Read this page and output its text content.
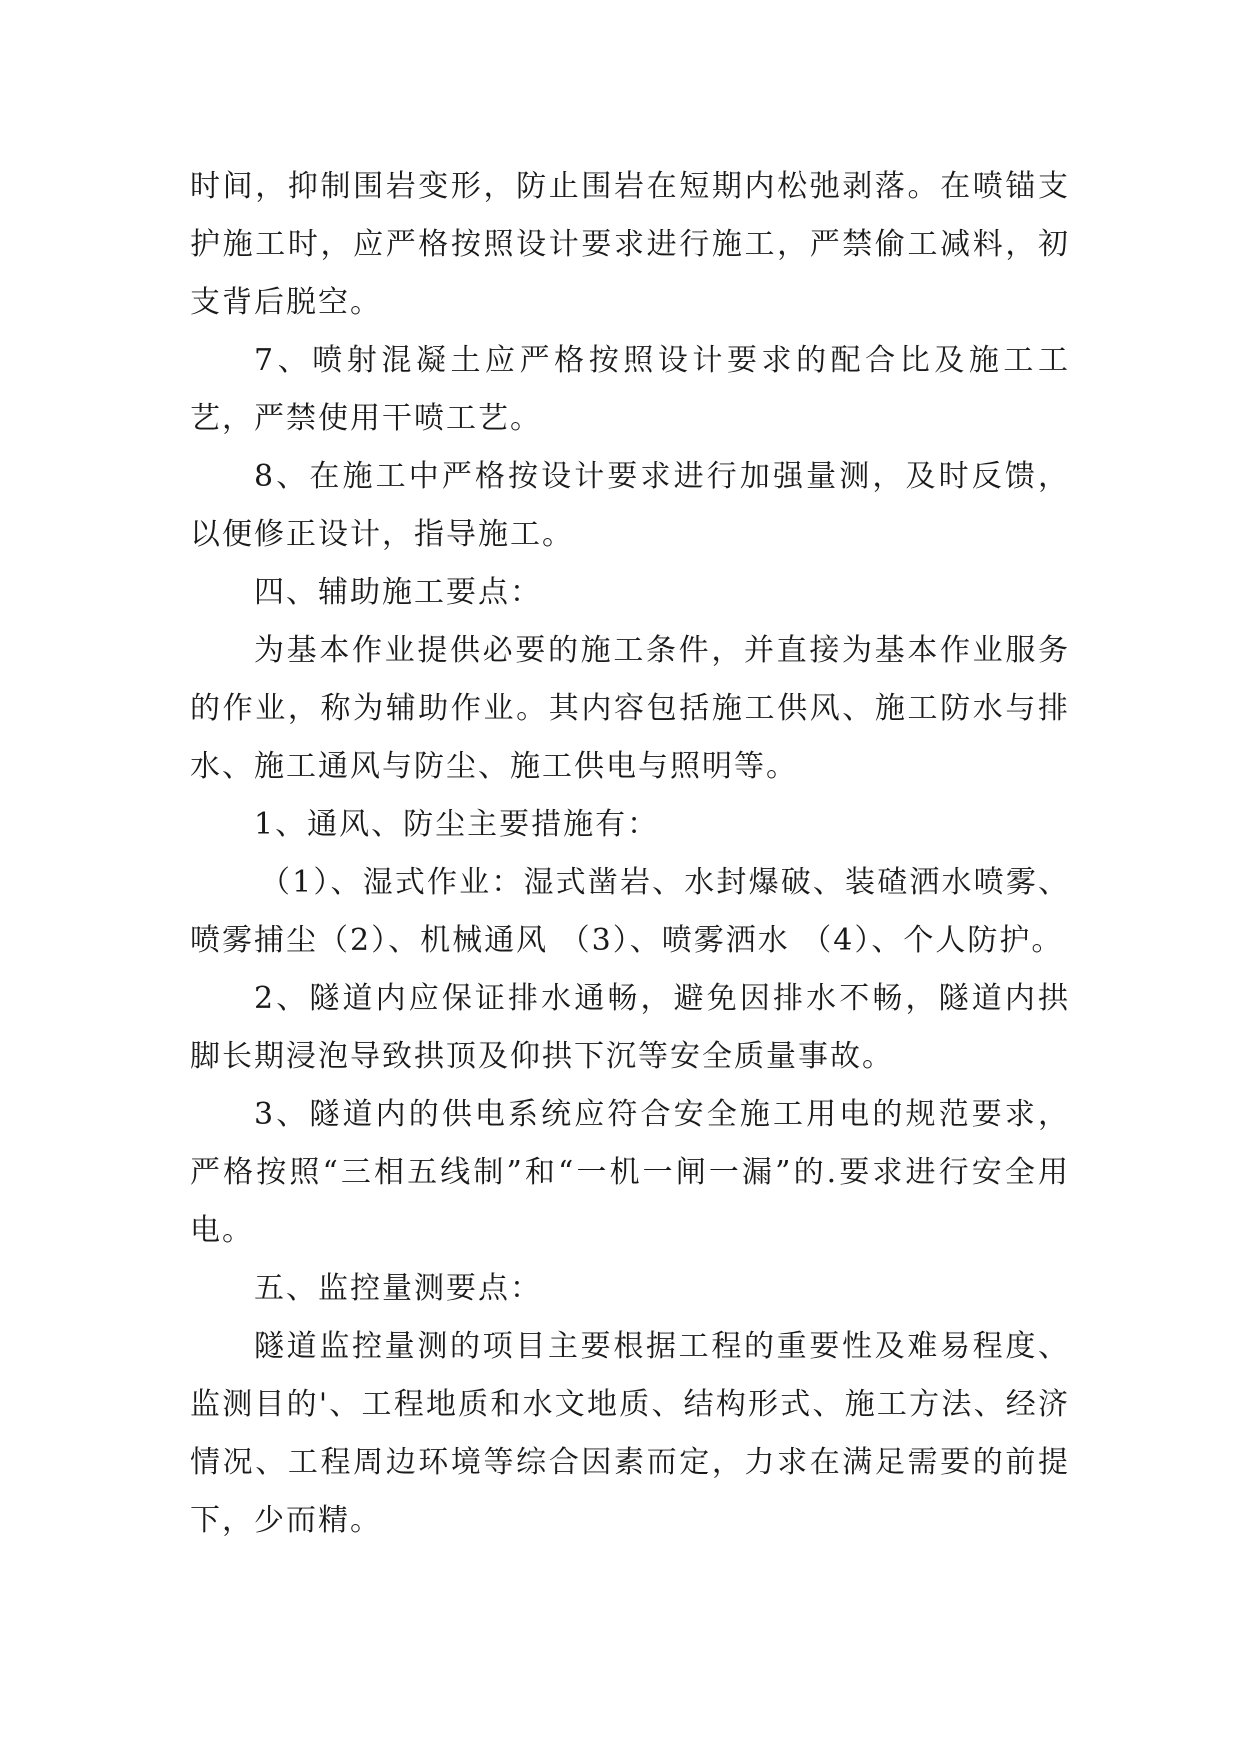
时间，抑制围岩变形，防止围岩在短期内松弛剥落。在喷锚支护施工时，应严格按照设计要求进行施工，严禁偷工减料，初支背后脱空。

7、喷射混凝土应严格按照设计要求的配合比及施工工艺，严禁使用干喷工艺。

8、在施工中严格按设计要求进行加强量测，及时反馈，以便修正设计，指导施工。

四、辅助施工要点：

为基本作业提供必要的施工条件，并直接为基本作业服务的作业，称为辅助作业。其内容包括施工供风、施工防水与排水、施工通风与防尘、施工供电与照明等。

1、通风、防尘主要措施有：

（1）、湿式作业：湿式凿岩、水封爆破、装碴洒水喷雾、喷雾捕尘（2）、机械通风 （3）、喷雾洒水 （4）、个人防护。

2、隧道内应保证排水通畅，避免因排水不畅，隧道内拱脚长期浸泡导致拱顶及仰拱下沉等安全质量事故。

3、隧道内的供电系统应符合安全施工用电的规范要求，严格按照“三相五线制”和“一机一闸一漏”的.要求进行安全用电。

五、监控量测要点：

隧道监控量测的项目主要根据工程的重要性及难易程度、监测目的'、工程地质和水文地质、结构形式、施工方法、经济情况、工程周边环境等综合因素而定，力求在满足需要的前提下，少而精。
